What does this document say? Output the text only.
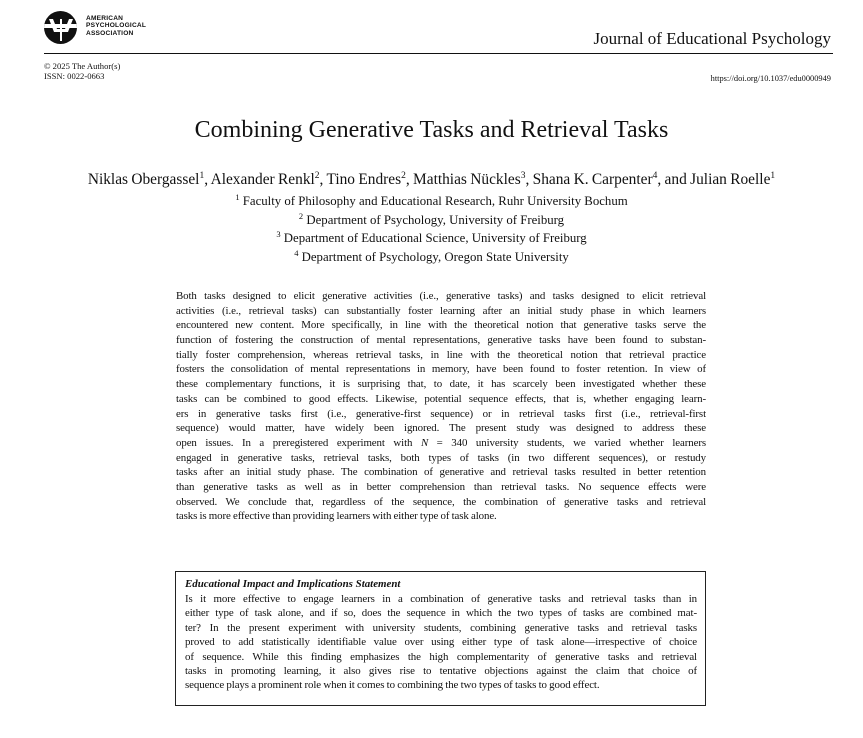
AMERICAN
PSYCHOLOGICAL
ASSOCIATION	Journal of Educational Psychology
© 2025 The Author(s)
ISSN: 0022-0663	https://doi.org/10.1037/edu0000949
Combining Generative Tasks and Retrieval Tasks
Niklas Obergassel$^1$, Alexander Renkl$^2$, Tino Endres$^2$, Matthias Nückles$^3$, Shana K. Carpenter$^4$, and Julian Roelle$^1$
$^1$ Faculty of Philosophy and Educational Research, Ruhr University Bochum
$^2$ Department of Psychology, University of Freiburg
$^3$ Department of Educational Science, University of Freiburg
$^4$ Department of Psychology, Oregon State University
Both tasks designed to elicit generative activities (i.e., generative tasks) and tasks designed to elicit retrieval
activities (i.e., retrieval tasks) can substantially foster learning after an initial study phase in which learners
encountered new content. More specifically, in line with the theoretical notion that generative tasks serve the
function of fostering the construction of mental representations, generative tasks have been found to substan-
tially foster comprehension, whereas retrieval tasks, in line with the theoretical notion that retrieval practice
fosters the consolidation of mental representations in memory, have been found to foster retention. In view of
these complementary functions, it is surprising that, to date, it has scarcely been investigated whether these
tasks can be combined to good effects. Likewise, potential sequence effects, that is, whether engaging learn-
ers in generative tasks first (i.e., generative-first sequence) or in retrieval tasks first (i.e., retrieval-first
sequence) would matter, have widely been ignored. The present study was designed to address these
open issues. In a preregistered experiment with N = 340 university students, we varied whether learners
engaged in generative tasks, retrieval tasks, both types of tasks (in two different sequences), or restudy
tasks after an initial study phase. The combination of generative and retrieval tasks resulted in better retention
than generative tasks as well as in better comprehension than retrieval tasks. No sequence effects were
observed. We conclude that, regardless of the sequence, the combination of generative tasks and retrieval
tasks is more effective than providing learners with either type of task alone.
Educational Impact and Implications Statement
Is it more effective to engage learners in a combination of generative tasks and retrieval tasks than in
either type of task alone, and if so, does the sequence in which the two types of tasks are combined mat-
ter? In the present experiment with university students, combining generative tasks and retrieval tasks
proved to add statistically identifiable value over using either type of task alone—irrespective of choice
of sequence. While this finding emphasizes the high complementarity of generative tasks and retrieval
tasks in promoting learning, it also gives rise to tentative objections against the claim that choice of
sequence plays a prominent role when it comes to combining the two types of tasks to good effect.
